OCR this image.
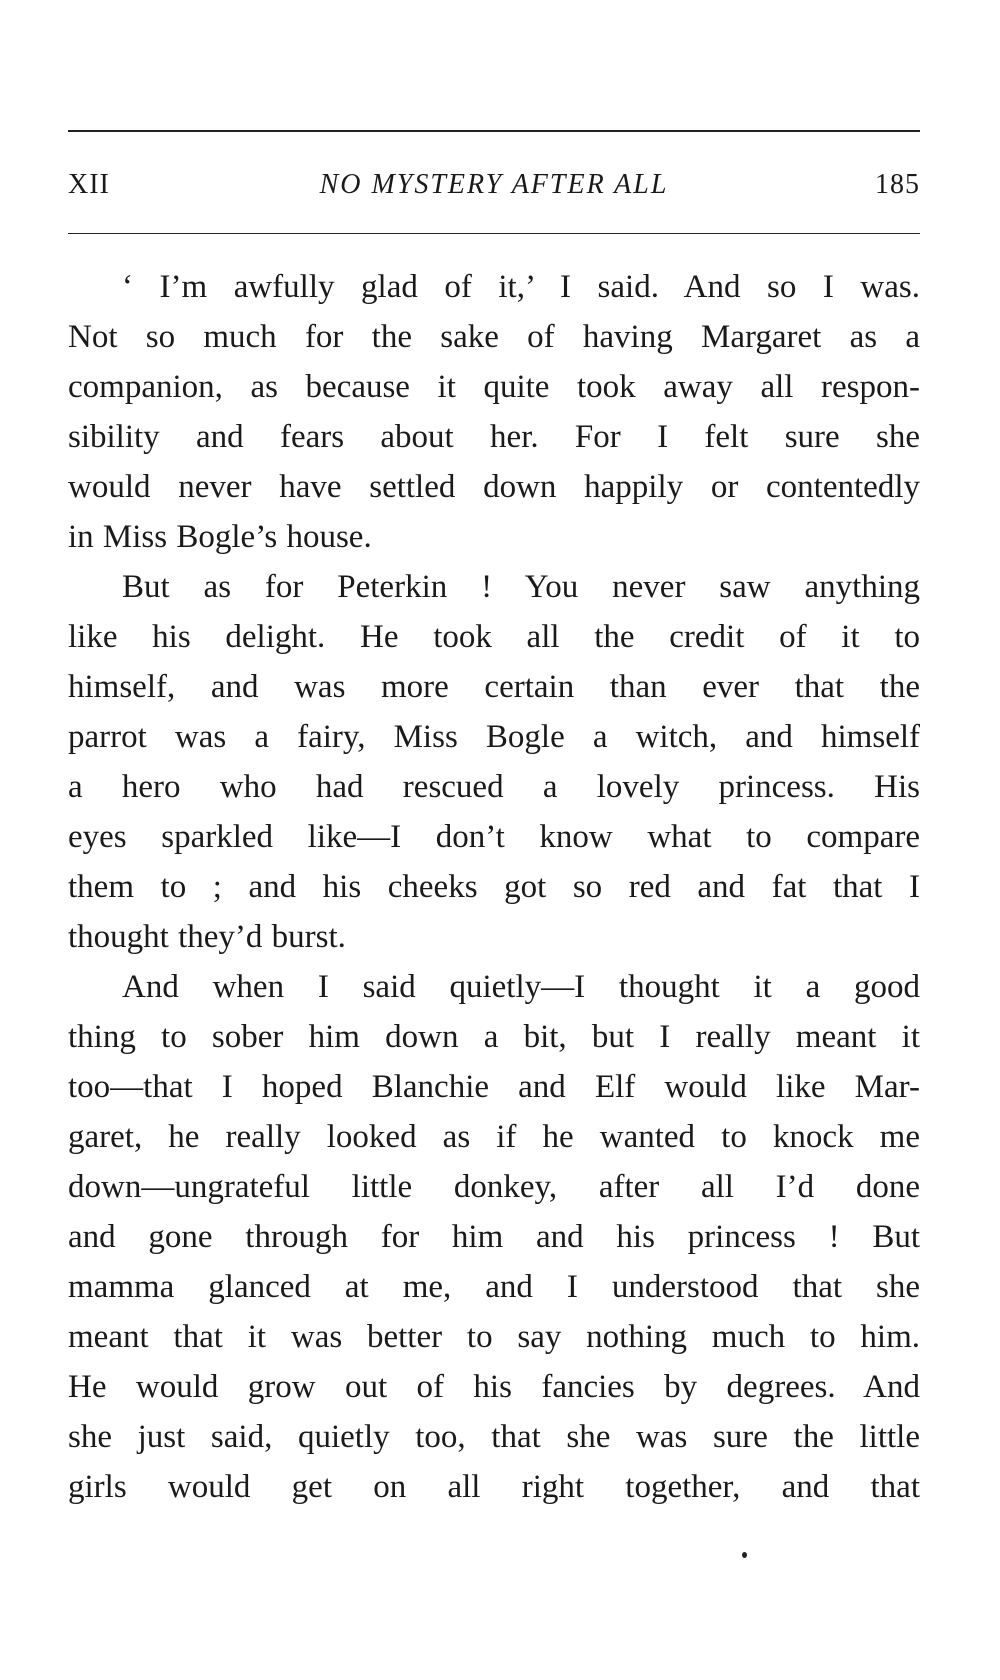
XII	NO MYSTERY AFTER ALL	185
‘ I’m awfully glad of it,’ I said. And so I was.
Not so much for the sake of having Margaret as a
companion, as because it quite took away all respon-
sibility and fears about her. For I felt sure she
would never have settled down happily or contentedly
in Miss Bogle’s house.
But as for Peterkin ! You never saw anything
like his delight. He took all the credit of it to
himself, and was more certain than ever that the
parrot was a fairy, Miss Bogle a witch, and himself
a hero who had rescued a lovely princess. His
eyes sparkled like—I don’t know what to compare
them to ; and his cheeks got so red and fat that I
thought they’d burst.
And when I said quietly—I thought it a good
thing to sober him down a bit, but I really meant it
too—that I hoped Blanchie and Elf would like Mar-
garet, he really looked as if he wanted to knock me
down—ungrateful little donkey, after all I’d done
and gone through for him and his princess ! But
mamma glanced at me, and I understood that she
meant that it was better to say nothing much to him.
He would grow out of his fancies by degrees. And
she just said, quietly too, that she was sure the little
girls would get on all right together, and that
